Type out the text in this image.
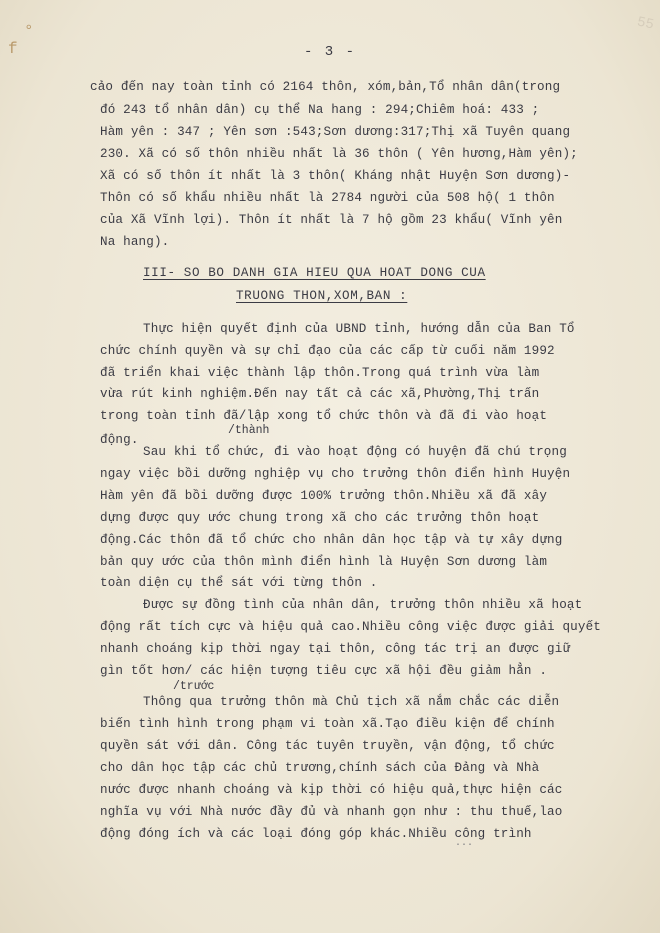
°
f
55
- 3 -
cảo đến nay toàn tỉnh có 2164 thôn, xóm,bản,Tổ nhân dân(trong
đó 243 tổ nhân dân) cụ thể Na hang : 294;Chiêm hoá: 433 ;
Hàm yên : 347 ; Yên sơn :543;Sơn dương:317;Thị xã Tuyên quang
230. Xã có số thôn nhiều nhất là 36 thôn ( Yên hương,Hàm yên);
Xã có số thôn ít nhất là 3 thôn( Kháng nhật Huyện Sơn dương)-
Thôn có số khẩu nhiều nhất là 2784 người của 508 hộ( 1 thôn
của Xã Vĩnh lợi). Thôn ít nhất là 7 hộ gồm 23 khẩu( Vĩnh yên
Na hang).
III- SO BO DANH GIA HIEU QUA HOAT DONG CUA
TRUONG THON,XOM,BAN :
Thực hiện quyết định của UBND tỉnh, hướng dẫn của Ban Tổ
chức chính quyền và sự chỉ đạo của các cấp từ cuối năm 1992
đã triển khai việc thành lập thôn.Trong quá trình vừa làm
vừa rút kinh nghiệm.Đến nay tất cả các xã,Phường,Thị trấn
trong toàn tỉnh đã/lập xong tổ chức thôn và đã đi vào hoạt
động.
/thành
Sau khi tổ chức, đi vào hoạt động có huyện đã chú trọng
ngay việc bồi dưỡng nghiệp vụ cho trưởng thôn điển hình Huyện
Hàm yên đã bồi dưỡng được 100% trưởng thôn.Nhiều xã đã xây
dựng được quy ước chung trong xã cho các trưởng thôn hoạt
động.Các thôn đã tổ chức cho nhân dân học tập và tự xây dựng
bản quy ước của thôn mình điển hình là Huyện Sơn dương làm
toàn diện cụ thể sát với từng thôn .
Được sự đồng tình của nhân dân, trưởng thôn nhiều xã hoạt
động rất tích cực và hiệu quả cao.Nhiều công việc được giải quyết
nhanh choáng kịp thời ngay tại thôn, công tác trị an được giữ
gìn tốt hơn/ các hiện tượng tiêu cực xã hội đều giảm hẳn .
/trước
Thông qua trưởng thôn mà Chủ tịch xã nắm chắc các diễn
biến tình hình trong phạm vi toàn xã.Tạo điều kiện để chính
quyền sát với dân. Công tác tuyên truyền, vận động, tổ chức
cho dân học tập các chủ trương,chính sách của Đảng và Nhà
nước được nhanh choáng và kịp thời có hiệu quả,thực hiện các
nghĩa vụ với Nhà nước đầy đủ và nhanh gọn như : thu thuế,lao
động đóng ích và các loại đóng góp khác.Nhiều công trình
...
